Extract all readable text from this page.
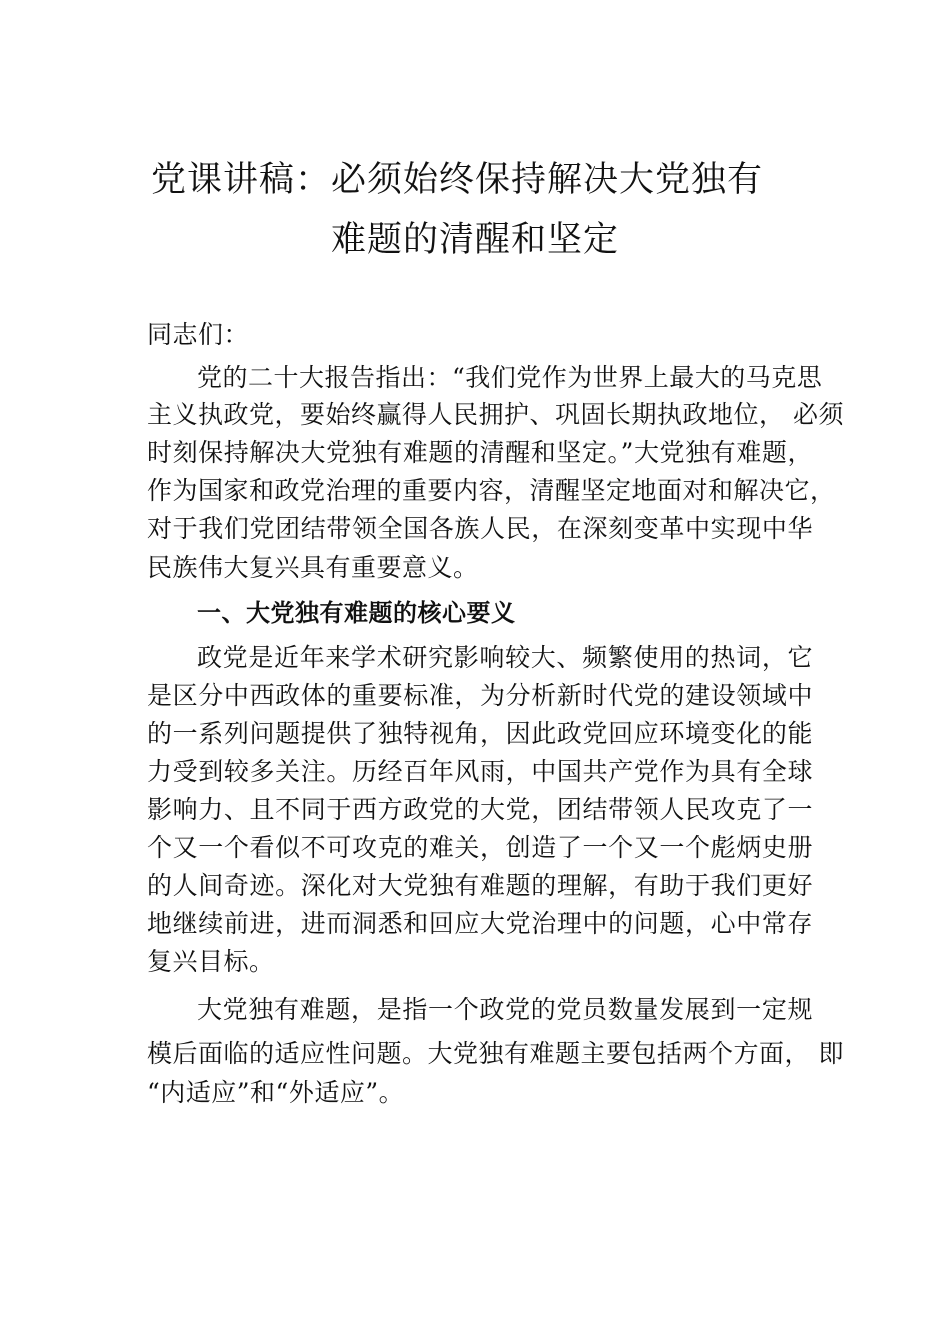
党课讲稿：必须始终保持解决大党独有
难题的清醒和坚定
同志们：
党的二十大报告指出：“我们党作为世界上最大的马克思
主义执政党，要始终赢得人民拥护、巩固长期执政地位， 必须
时刻保持解决大党独有难题的清醒和坚定。”大党独有难题，
作为国家和政党治理的重要内容，清醒坚定地面对和解决它，
对于我们党团结带领全国各族人民，在深刻变革中实现中华
民族伟大复兴具有重要意义。
一、大党独有难题的核心要义
政党是近年来学术研究影响较大、频繁使用的热词，它
是区分中西政体的重要标准，为分析新时代党的建设领域中
的一系列问题提供了独特视角，因此政党回应环境变化的能
力受到较多关注。历经百年风雨，中国共产党作为具有全球
影响力、且不同于西方政党的大党，团结带领人民攻克了一
个又一个看似不可攻克的难关，创造了一个又一个彪炳史册
的人间奇迹。深化对大党独有难题的理解，有助于我们更好
地继续前进，进而洞悉和回应大党治理中的问题，心中常存
复兴目标。
大党独有难题，是指一个政党的党员数量发展到一定规
模后面临的适应性问题。大党独有难题主要包括两个方面， 即
“内适应”和“外适应”。
